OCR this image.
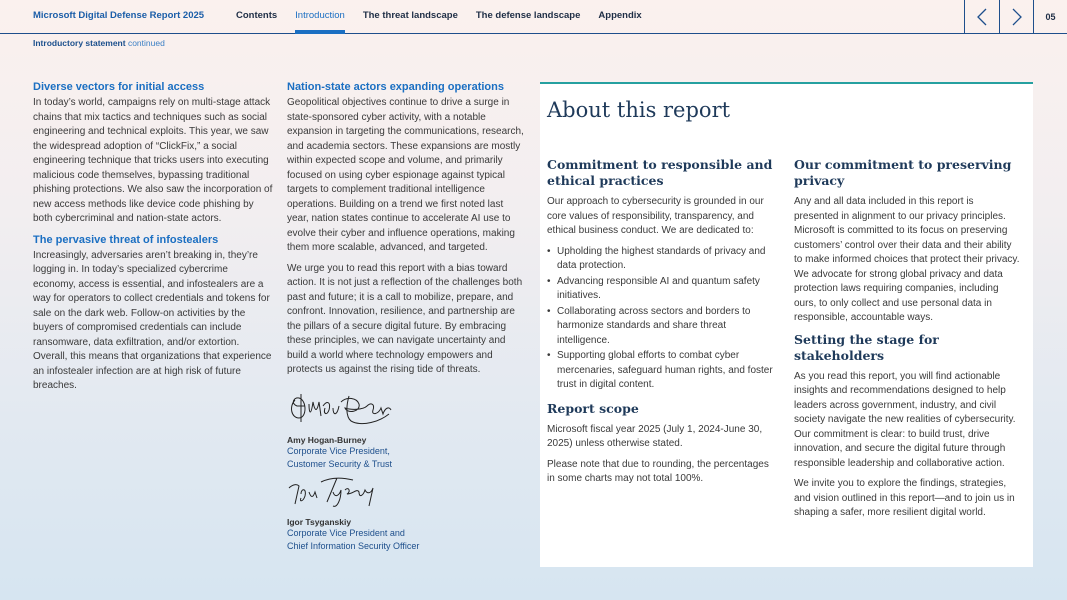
Microsoft Digital Defense Report 2025	Contents Introduction The threat landscape The defense landscape Appendix	05
Introductory statement continued
Diverse vectors for initial access

In today’s world, campaigns rely on multi-stage attack chains that mix tactics and techniques such as social engineering and technical exploits. This year, we saw the widespread adoption of “ClickFix,” a social engineering technique that tricks users into executing malicious code themselves, bypassing traditional phishing protections. We also saw the incorporation of new access methods like device code phishing by both cybercriminal and nation-state actors.

The pervasive threat of infostealers

Increasingly, adversaries aren’t breaking in, they’re logging in. In today’s specialized cybercrime economy, access is essential, and infostealers are a way for operators to collect credentials and tokens for sale on the dark web. Follow-on activities by the buyers of compromised credentials can include ransomware, data exfiltration, and/or extortion. Overall, this means that organizations that experience an infostealer infection are at high risk of future breaches.

Nation-state actors expanding operations

Geopolitical objectives continue to drive a surge in state-sponsored cyber activity, with a notable expansion in targeting the communications, research, and academia sectors. These expansions are mostly within expected scope and volume, and primarily focused on using cyber espionage against typical targets to complement traditional intelligence operations. Building on a trend we first noted last year, nation states continue to accelerate AI use to evolve their cyber and influence operations, making them more scalable, advanced, and targeted.

We urge you to read this report with a bias toward action. It is not just a reflection of the challenges both past and future; it is a call to mobilize, prepare, and confront. Innovation, resilience, and partnership are the pillars of a secure digital future. By embracing these principles, we can navigate uncertainty and build a world where technology empowers and protects us against the rising tide of threats.

Amy Hogan-Burney
Corporate Vice President,
Customer Security & Trust
Igor Tsyganskiy
Corporate Vice President and
Chief Information Security Officer
About this report
Commitment to responsible and ethical practices

Our approach to cybersecurity is grounded in our core values of responsibility, transparency, and ethical business conduct. We are dedicated to:

• Upholding the highest standards of privacy and data protection.
• Advancing responsible AI and quantum safety initiatives.
• Collaborating across sectors and borders to harmonize standards and share threat intelligence.
• Supporting global efforts to combat cyber mercenaries, safeguard human rights, and foster trust in digital content.
Report scope

Microsoft fiscal year 2025 (July 1, 2024-June 30, 2025) unless otherwise stated.

Please note that due to rounding, the percentages in some charts may not total 100%.

Our commitment to preserving privacy

Any and all data included in this report is presented in alignment to our privacy principles. Microsoft is committed to its focus on preserving customers’ control over their data and their ability to make informed choices that protect their privacy. We advocate for strong global privacy and data protection laws requiring companies, including ours, to only collect and use personal data in responsible, accountable ways.

Setting the stage for stakeholders

As you read this report, you will find actionable insights and recommendations designed to help leaders across government, industry, and civil society navigate the new realities of cybersecurity. Our commitment is clear: to build trust, drive innovation, and secure the digital future through responsible leadership and collaborative action.

We invite you to explore the findings, strategies, and vision outlined in this report—and to join us in shaping a safer, more resilient digital world.
